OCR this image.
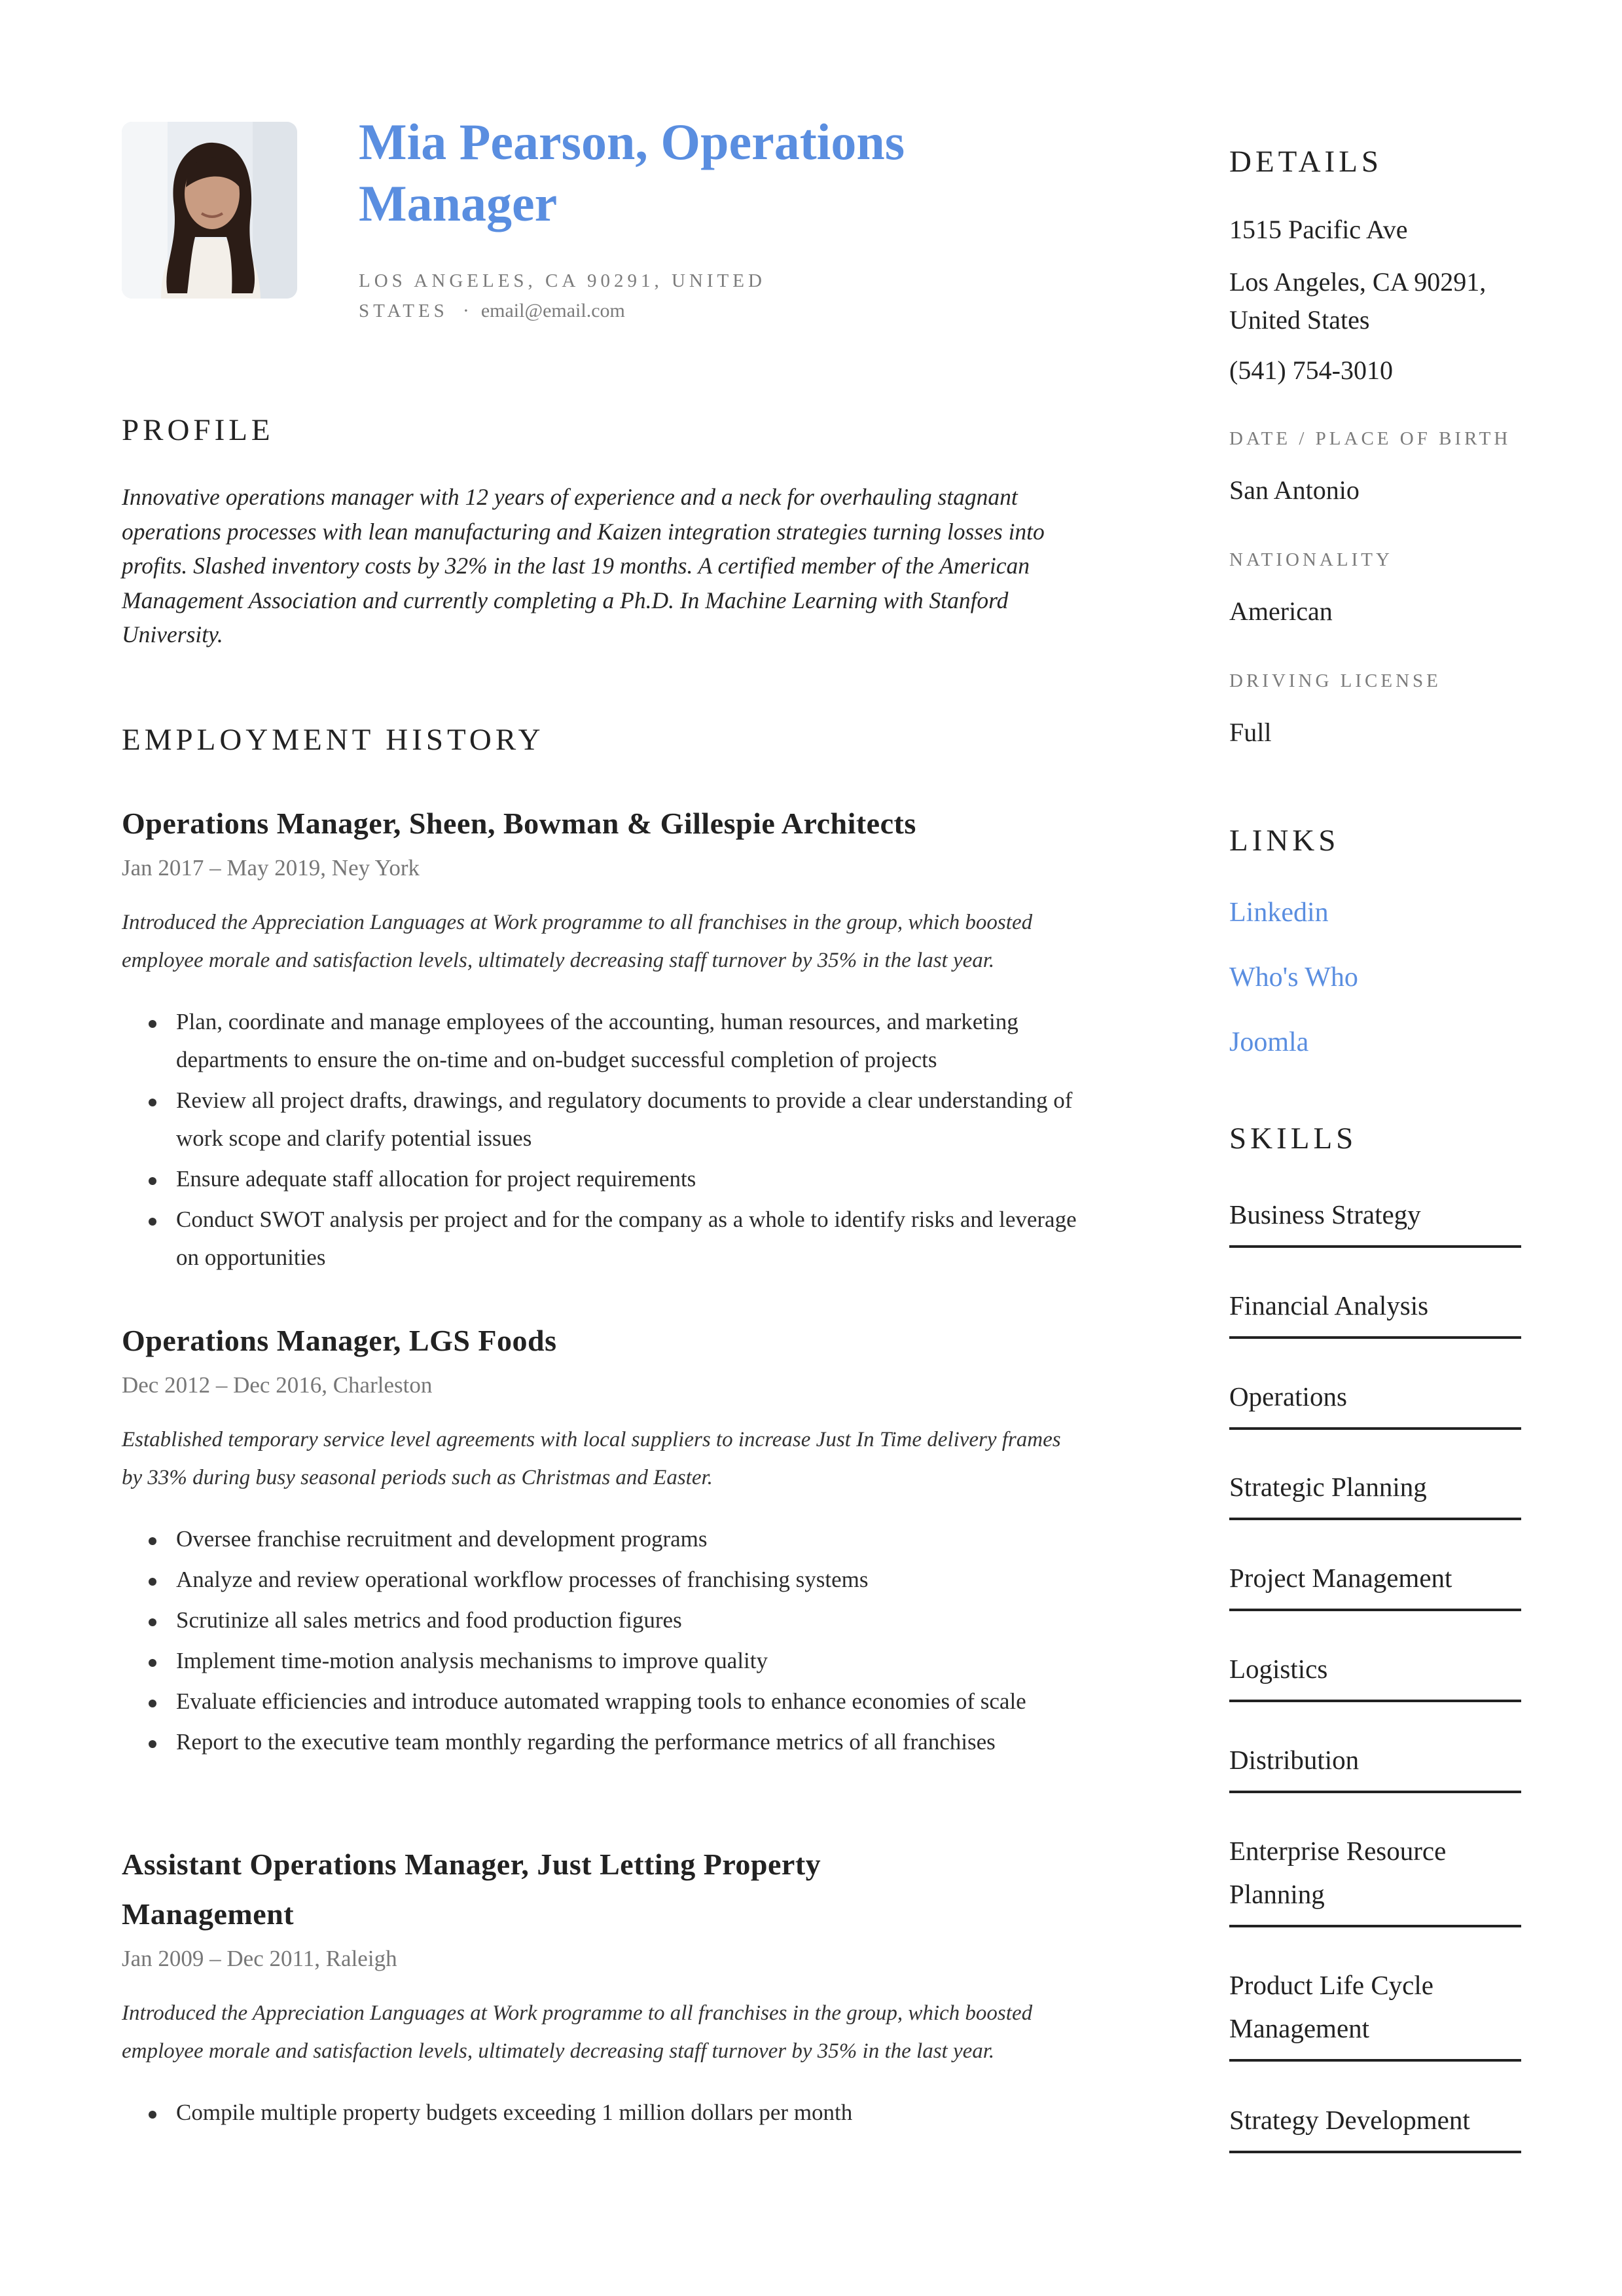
Mia Pearson, Operations Manager
LOS ANGELES, CA 90291, UNITED STATES · email@email.com
PROFILE
Innovative operations manager with 12 years of experience and a neck for overhauling stagnant operations processes with lean manufacturing and Kaizen integration strategies turning losses into profits. Slashed inventory costs by 32% in the last 19 months. A certified member of the American Management Association and currently completing a Ph.D. In Machine Learning with Stanford University.
EMPLOYMENT HISTORY
Operations Manager, Sheen, Bowman & Gillespie Architects
Jan 2017 – May 2019, Ney York
Introduced the Appreciation Languages at Work programme to all franchises in the group, which boosted employee morale and satisfaction levels, ultimately decreasing staff turnover by 35% in the last year.
Plan, coordinate and manage employees of the accounting, human resources, and marketing departments to ensure the on-time and on-budget successful completion of projects
Review all project drafts, drawings, and regulatory documents to provide a clear understanding of work scope and clarify potential issues
Ensure adequate staff allocation for project requirements
Conduct SWOT analysis per project and for the company as a whole to identify risks and leverage on opportunities
Operations Manager, LGS Foods
Dec 2012 – Dec 2016, Charleston
Established temporary service level agreements with local suppliers to increase Just In Time delivery frames by 33% during busy seasonal periods such as Christmas and Easter.
Oversee franchise recruitment and development programs
Analyze and review operational workflow processes of franchising systems
Scrutinize all sales metrics and food production figures
Implement time-motion analysis mechanisms to improve quality
Evaluate efficiencies and introduce automated wrapping tools to enhance economies of scale
Report to the executive team monthly regarding the performance metrics of all franchises
Assistant Operations Manager, Just Letting Property Management
Jan 2009 – Dec 2011, Raleigh
Introduced the Appreciation Languages at Work programme to all franchises in the group, which boosted employee morale and satisfaction levels, ultimately decreasing staff turnover by 35% in the last year.
Compile multiple property budgets exceeding 1 million dollars per month
DETAILS
1515 Pacific Ave
Los Angeles, CA 90291, United States
(541) 754-3010
DATE / PLACE OF BIRTH
San Antonio
NATIONALITY
American
DRIVING LICENSE
Full
LINKS
Linkedin
Who's Who
Joomla
SKILLS
Business Strategy
Financial Analysis
Operations
Strategic Planning
Project Management
Logistics
Distribution
Enterprise Resource Planning
Product Life Cycle Management
Strategy Development
